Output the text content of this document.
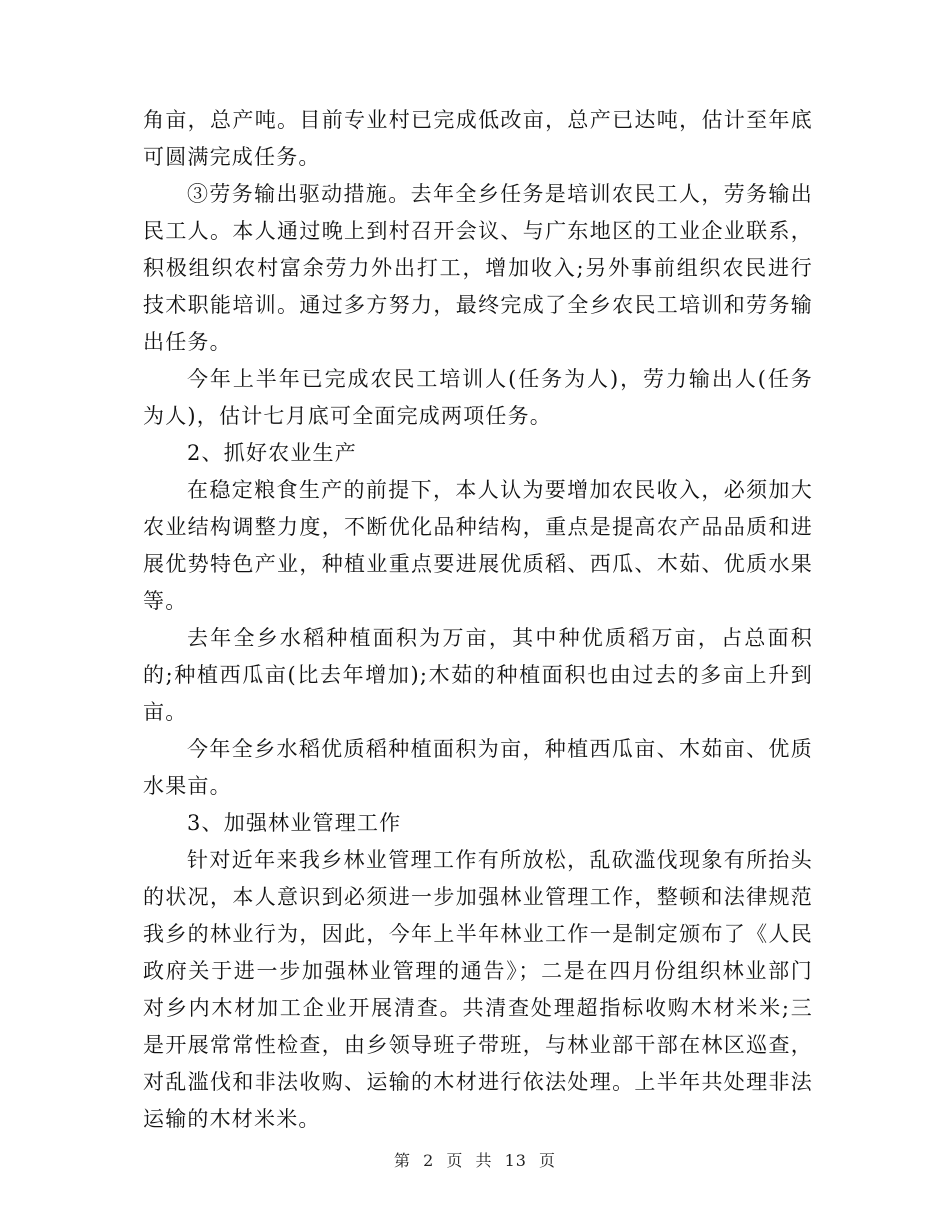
角亩，总产吨。目前专业村已完成低改亩，总产已达吨，估计至年底可圆满完成任务。

③劳务输出驱动措施。去年全乡任务是培训农民工人，劳务输出民工人。本人通过晚上到村召开会议、与广东地区的工业企业联系，积极组织农村富余劳力外出打工，增加收入;另外事前组织农民进行技术职能培训。通过多方努力，最终完成了全乡农民工培训和劳务输出任务。

今年上半年已完成农民工培训人(任务为人)，劳力输出人(任务为人)，估计七月底可全面完成两项任务。

2、抓好农业生产

在稳定粮食生产的前提下，本人认为要增加农民收入，必须加大农业结构调整力度，不断优化品种结构，重点是提高农产品品质和进展优势特色产业，种植业重点要进展优质稻、西瓜、木茹、优质水果等。

去年全乡水稻种植面积为万亩，其中种优质稻万亩，占总面积的;种植西瓜亩(比去年增加);木茹的种植面积也由过去的多亩上升到亩。

今年全乡水稻优质稻种植面积为亩，种植西瓜亩、木茹亩、优质水果亩。

3、加强林业管理工作

针对近年来我乡林业管理工作有所放松，乱砍滥伐现象有所抬头的状况，本人意识到必须进一步加强林业管理工作，整顿和法律规范我乡的林业行为，因此，今年上半年林业工作一是制定颁布了《人民政府关于进一步加强林业管理的通告》；二是在四月份组织林业部门对乡内木材加工企业开展清查。共清查处理超指标收购木材米米;三是开展常常性检查，由乡领导班子带班，与林业部干部在林区巡查，对乱滥伐和非法收购、运输的木材进行依法处理。上半年共处理非法运输的木材米米。

第 2 页 共 13 页
